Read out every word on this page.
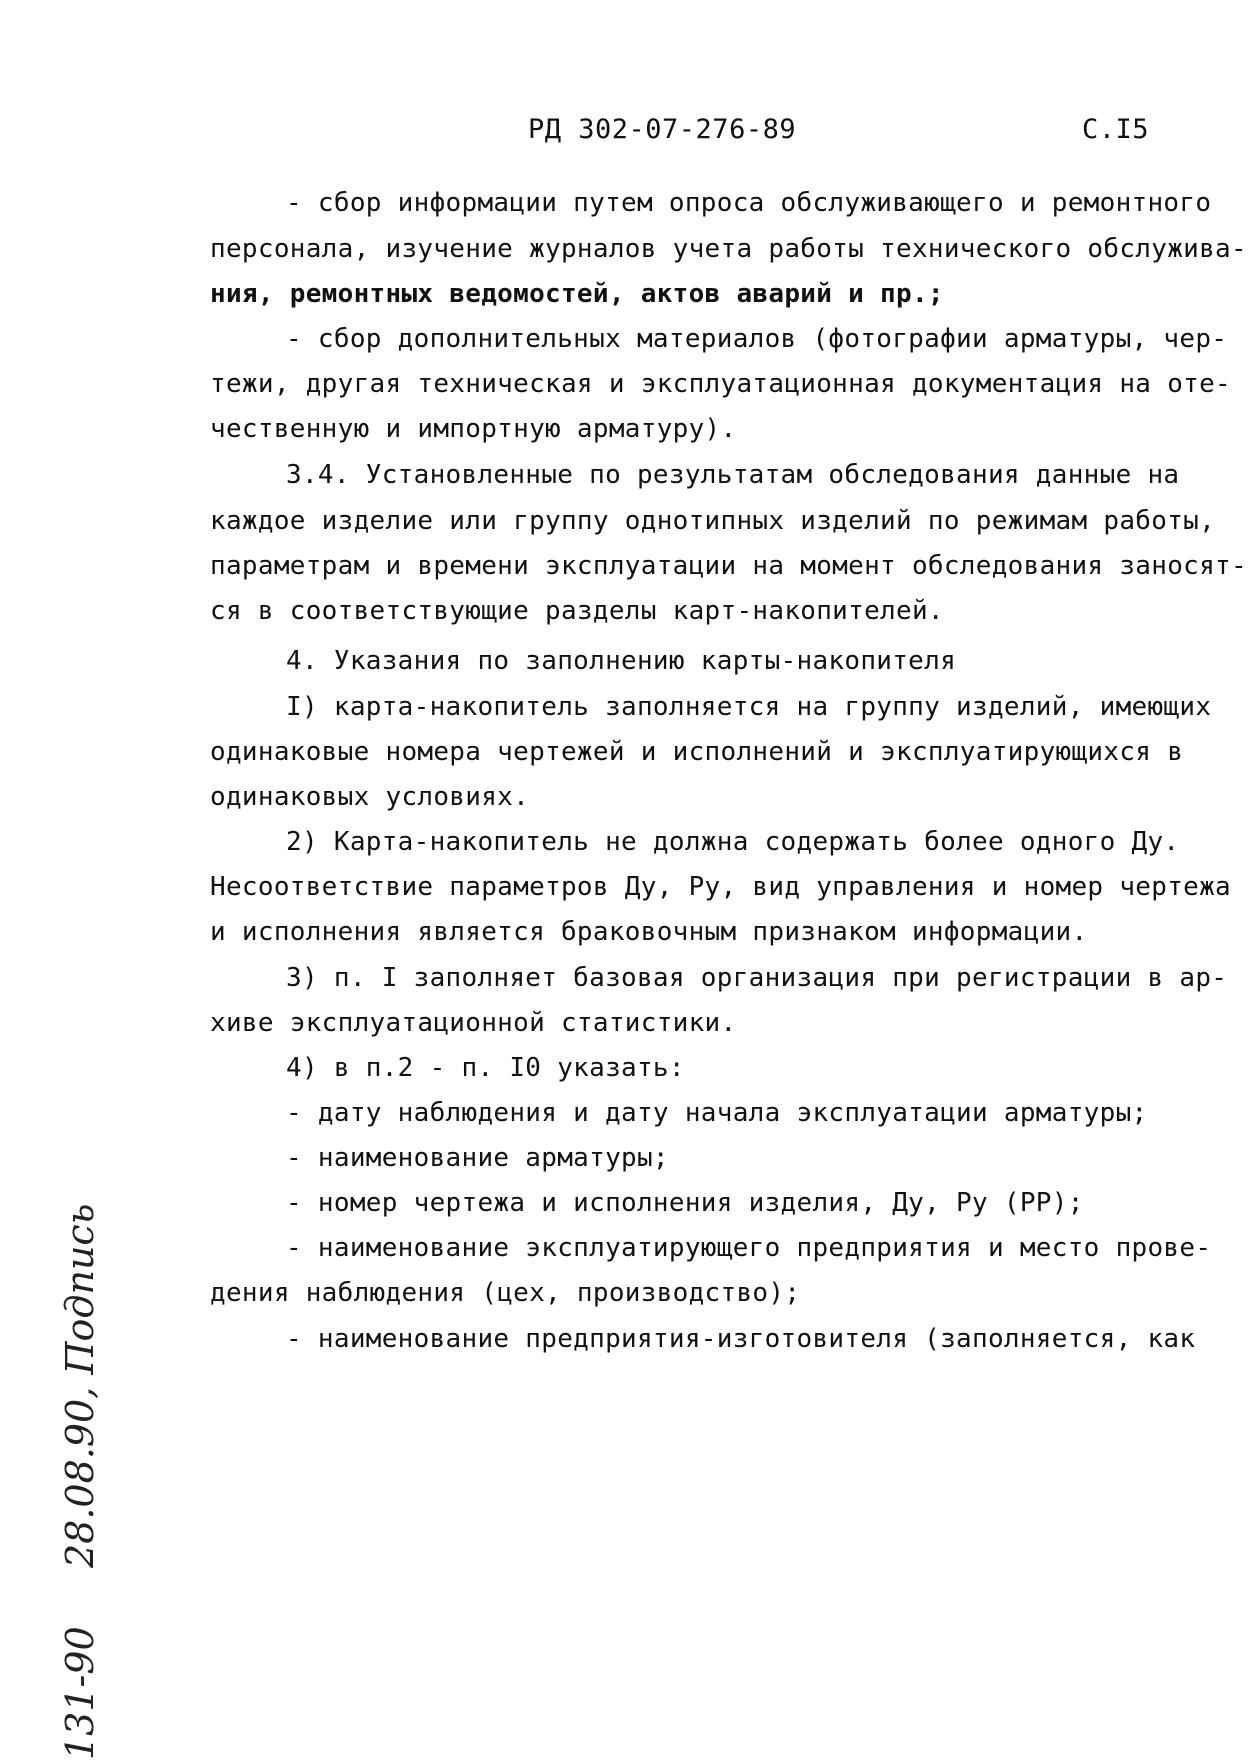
РД 302-07-276-89	С.I5
- сбор информации путем опроса обслуживающего и ремонтного
персонала, изучение журналов учета работы технического обслужива-
ния, ремонтных ведомостей, актов аварий и пр.;
- сбор дополнительных материалов (фотографии арматуры, чер-
тежи, другая техническая и эксплуатационная документация на оте-
чественную и импортную арматуру).
3.4. Установленные по результатам обследования данные на
каждое изделие или группу однотипных изделий по режимам работы,
параметрам и времени эксплуатации на момент обследования заносят-
ся в соответствующие разделы карт-накопителей.
4. Указания по заполнению карты-накопителя
I) карта-накопитель заполняется на группу изделий, имеющих
одинаковые номера чертежей и исполнений и эксплуатирующихся в
одинаковых условиях.
2) Карта-накопитель не должна содержать более одного Ду.
Несоответствие параметров Ду, Ру, вид управления и номер чертежа
и исполнения является браковочным признаком информации.
3) п. I заполняет базовая организация при регистрации в ар-
хиве эксплуатационной статистики.
4) в п.2 - п. I0 указать:
- дату наблюдения и дату начала эксплуатации арматуры;
- наименование арматуры;
- номер чертежа и исполнения изделия, Ду, Ру (РР);
- наименование эксплуатирующего предприятия и место прове-
дения наблюдения (цех, производство);
- наименование предприятия-изготовителя (заполняется, как
28.08.90, Подпись
131-90
